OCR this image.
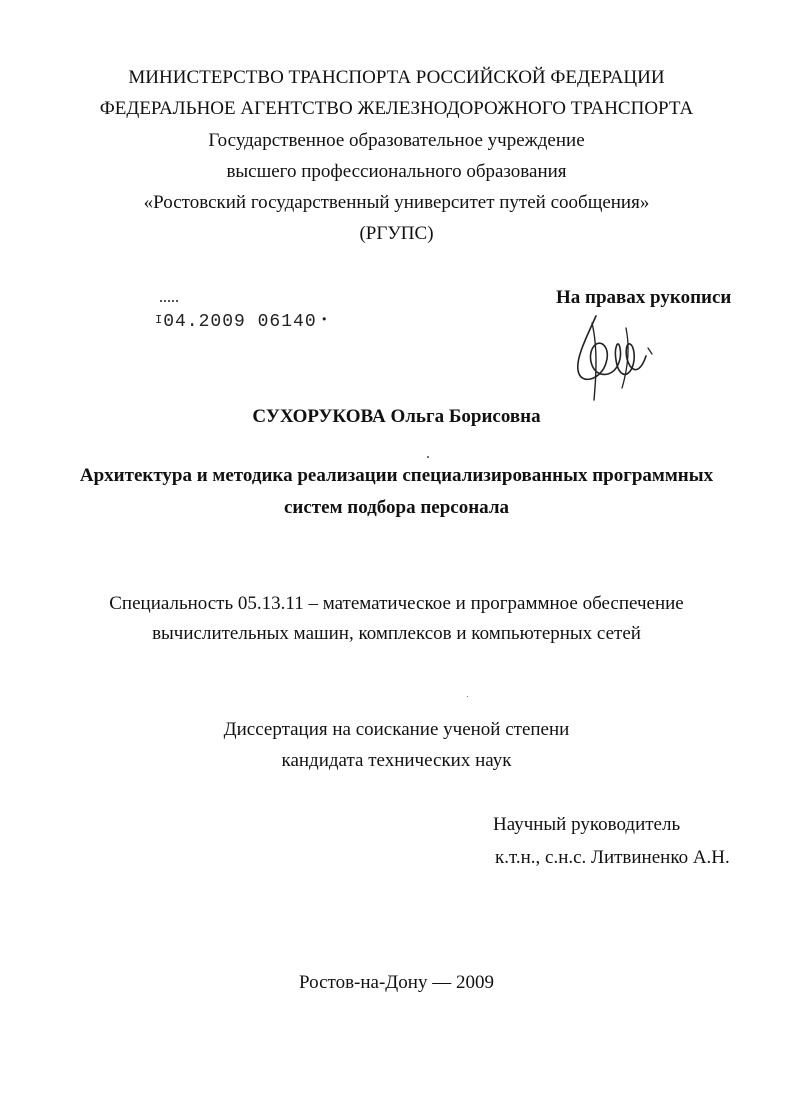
МИНИСТЕРСТВО ТРАНСПОРТА РОССИЙСКОЙ ФЕДЕРАЦИИ
ФЕДЕРАЛЬНОЕ АГЕНТСТВО ЖЕЛЕЗНОДОРОЖНОГО ТРАНСПОРТА
Государственное образовательное учреждение
высшего профессионального образования
«Ростовский государственный университет путей сообщения»
(РГУПС)
На правах рукописи
I04.2009 06140 •
СУХОРУКОВА Ольга Борисовна
Архитектура и методика реализации специализированных программных
систем подбора персонала
Специальность 05.13.11 – математическое и программное обеспечение
вычислительных машин, комплексов и компьютерных сетей
Диссертация на соискание ученой степени
кандидата технических наук
Научный руководитель
к.т.н., с.н.с. Литвиненко А.Н.
Ростов-на-Дону — 2009
